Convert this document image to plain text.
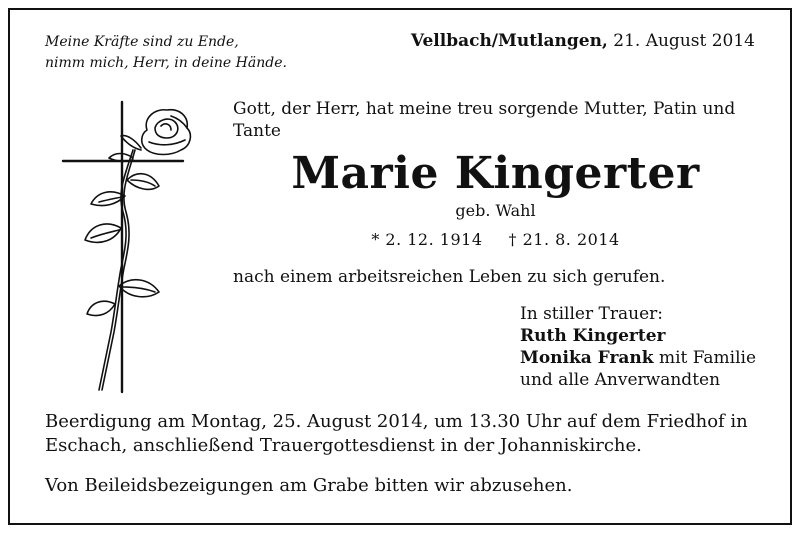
Meine Kräfte sind zu Ende,
nimm mich, Herr, in deine Hände.
Vellbach/Mutlangen, 21. August 2014
Gott, der Herr, hat meine treu sorgende Mutter, Patin und Tante
Marie Kingerter
geb. Wahl
* 2. 12. 1914 † 21. 8. 2014
nach einem arbeitsreichen Leben zu sich gerufen.
In stiller Trauer:
Ruth Kingerter
Monika Frank mit Familie
und alle Anverwandten
Beerdigung am Montag, 25. August 2014, um 13.30 Uhr auf dem Friedhof in Eschach, anschließend Trauergottesdienst in der Johanniskirche.
Von Beileidsbezeigungen am Grabe bitten wir abzusehen.
